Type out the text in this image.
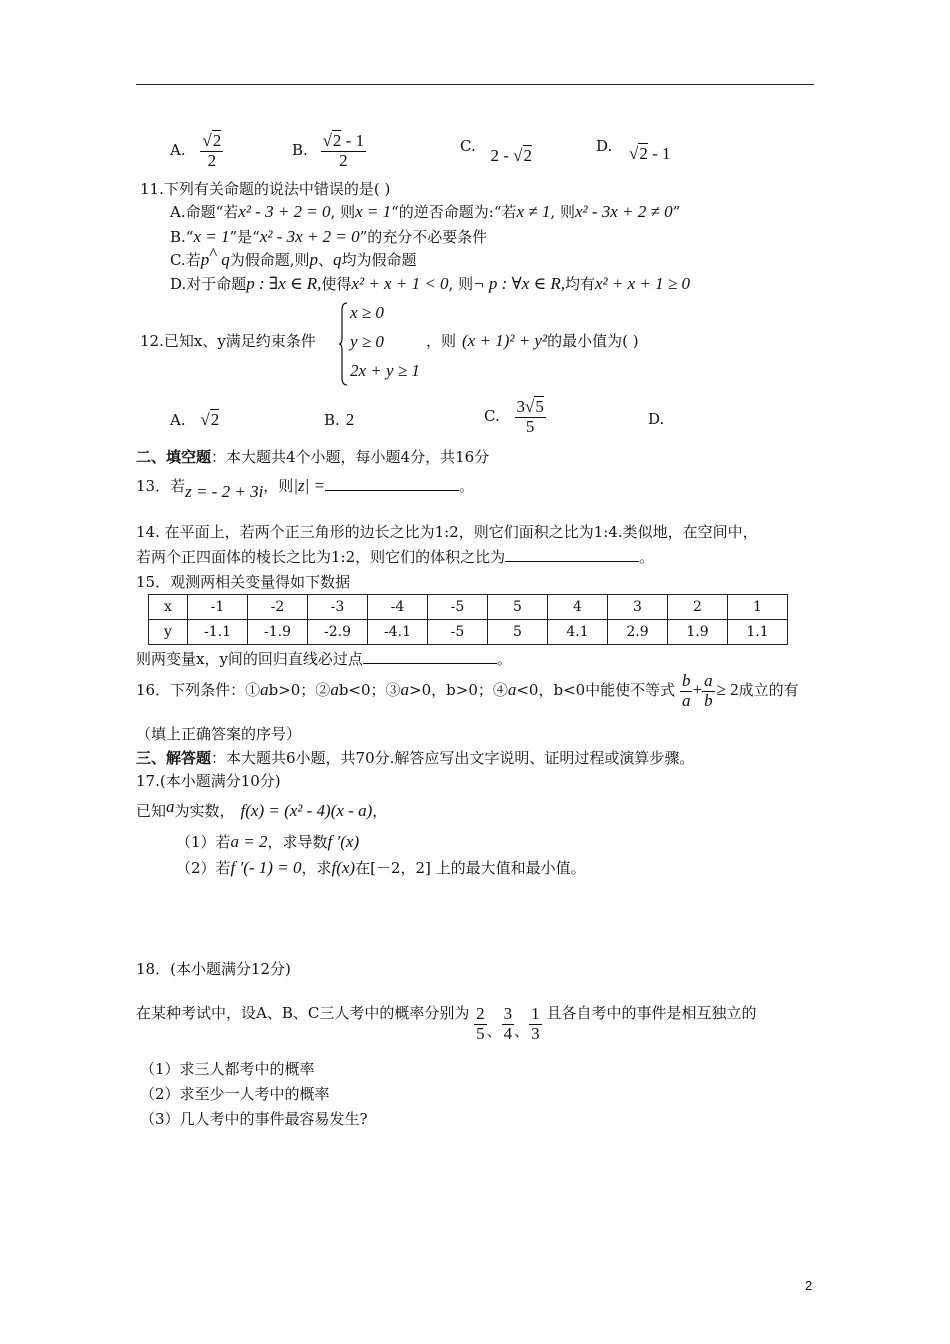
A. $\frac{√2}{2}$	B. $\frac{√2 - 1}{2}$	C. 2 - √2	D. √2 - 1
11.下列有关命题的说法中错误的是( )
A.命题“若x² - 3 + 2 = 0, 则x = 1“的逆否命题为:“若x ≠ 1, 则x² - 3x + 2 ≠ 0”
B.“x = 1”是“x² - 3x + 2 = 0”的充分不必要条件
C.若p^ q为假命题,则p、q均为假命题
D.对于命题p : ∃x ∈ R,使得x² + x + 1 < 0, 则¬ p : ∀x ∈ R,均有x² + x + 1 ≥ 0
12.已知x、y满足约束条件
x ≥ 0
y ≥ 0
2x + y ≥ 1
，则 (x + 1)² + y²的最小值为( )
A. √2	B. 2	C. $\frac{3√5}{5}$	D.
二、填空题：本大题共4个小题，每小题4分，共16分
13．若z = - 2 + 3i，则|z| =	。
14. 在平面上，若两个正三角形的边长之比为1:2，则它们面积之比为1:4.类似地，在空间中，
若两个正四面体的棱长之比为1:2，则它们的体积之比为	。
15．观测两相关变量得如下数据
x	-1	-2	-3	-4	-5	5	4	3	2	1
y	-1.1	-1.9	-2.9	-4.1	-5	5	4.1	2.9	1.9	1.1
则两变量x，y间的回归直线必过点	。
16．下列条件：①ab>0；②ab<0；③a>0，b>0；④a<0，b<0中能使不等式 $\frac{b}{a} + \frac{a}{b} \ge 2$成立的有
（填上正确答案的序号）
三、解答题：本大题共6小题，共70分.解答应写出文字说明、证明过程或演算步骤。
17.(本小题满分10分)
已知a为实数， f(x) = (x² - 4)(x - a)，
（1）若a = 2，求导数f ′(x)
（2）若f ′(- 1) = 0，求f(x)在[－2，2] 上的最大值和最小值。
18．(本小题满分12分)
在某种考试中，设A、B、C三人考中的概率分别为 $\frac{2}{5}$ 、 $\frac{3}{4}$ 、 $\frac{1}{3}$ 且各自考中的事件是相互独立的
（1）求三人都考中的概率
（2）求至少一人考中的概率
（3）几人考中的事件最容易发生?
2
